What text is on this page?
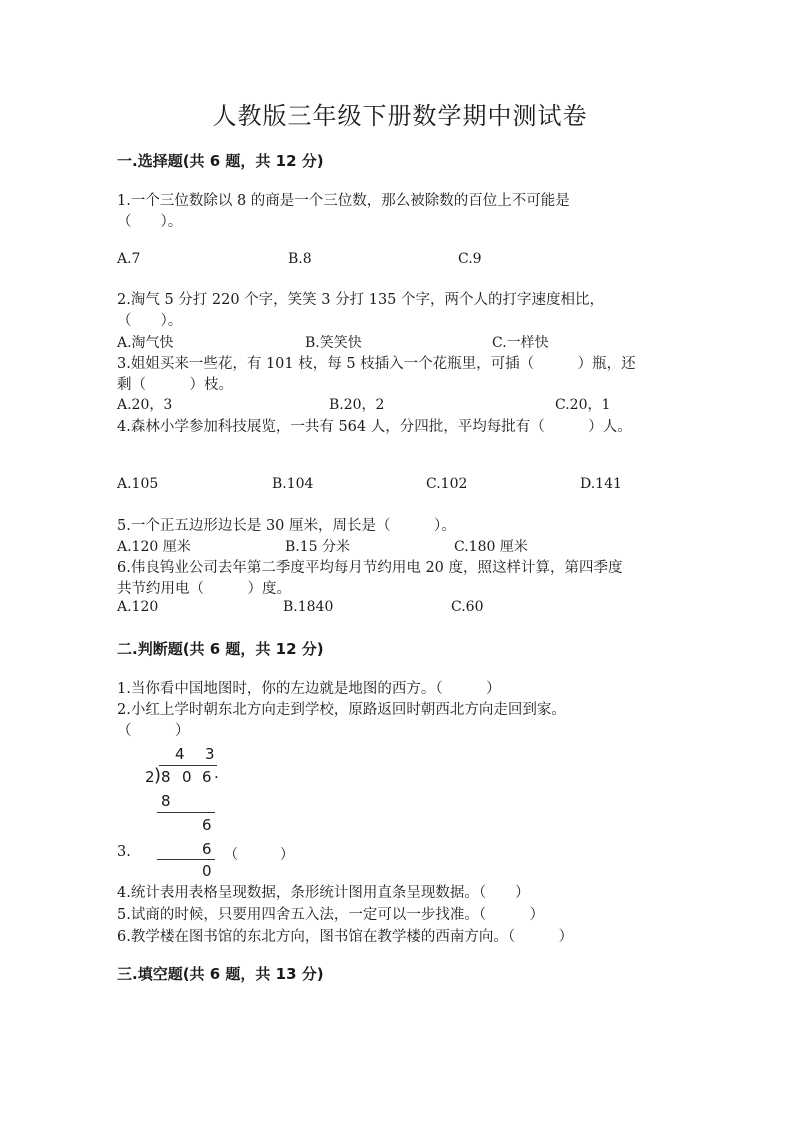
人教版三年级下册数学期中测试卷
一.选择题(共 6 题，共 12 分)
1.一个三位数除以 8 的商是一个三位数，那么被除数的百位上不可能是
（　　）。
A.7	B.8	C.9
2.淘气 5 分打 220 个字，笑笑 3 分打 135 个字，两个人的打字速度相比，
（　　）。
A.淘气快	B.笑笑快	C.一样快
3.姐姐买来一些花，有 101 枝，每 5 枝插入一个花瓶里，可插（　　　）瓶，还
剩（　　　）枝。
A.20，3	B.20，2	C.20，1
4.森林小学参加科技展览，一共有 564 人，分四批，平均每批有（　　　）人。
A.105	B.104	C.102	D.141
5.一个正五边形边长是 30 厘米，周长是（　　　）。
A.120 厘米	B.15 分米	C.180 厘米
6.伟良钨业公司去年第二季度平均每月节约用电 20 度，照这样计算，第四季度
共节约用电（　　　）度。
A.120	B.1840	C.60
二.判断题(共 6 题，共 12 分)
1.当你看中国地图时，你的左边就是地图的西方。（　　　）
2.小红上学时朝东北方向走到学校，原路返回时朝西北方向走回到家。
（　　　）
4 3
2 ) 8 0 6 .
8
6
6
0
3.	（　　　）
4.统计表用表格呈现数据，条形统计图用直条呈现数据。（　　）
5.试商的时候，只要用四舍五入法，一定可以一步找准。（　　　）
6.教学楼在图书馆的东北方向，图书馆在教学楼的西南方向。（　　　）
三.填空题(共 6 题，共 13 分)
